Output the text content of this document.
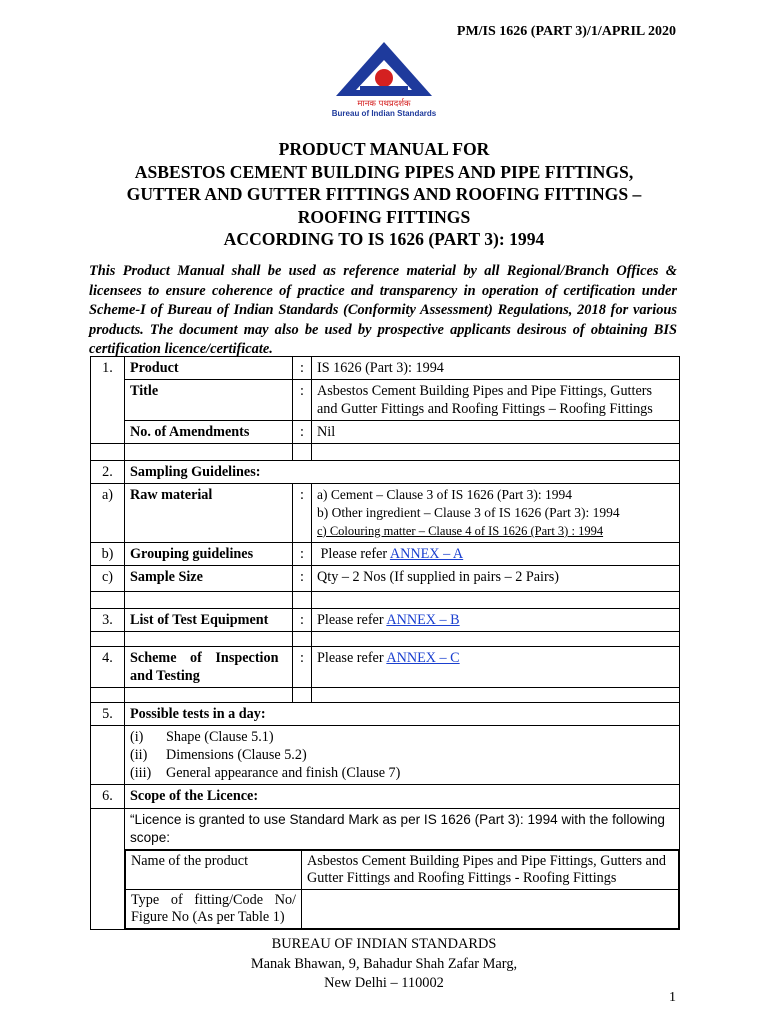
PM/IS 1626 (PART 3)/1/APRIL 2020
मानक पथप्रदर्शक
Bureau of Indian Standards
PRODUCT MANUAL FOR
ASBESTOS CEMENT BUILDING PIPES AND PIPE FITTINGS,
GUTTER AND GUTTER FITTINGS AND ROOFING FITTINGS –
ROOFING FITTINGS
ACCORDING TO IS 1626 (PART 3): 1994

This Product Manual shall be used as reference material by all Regional/Branch Offices & licensees to ensure coherence of practice and transparency in operation of certification under Scheme-I of Bureau of Indian Standards (Conformity Assessment) Regulations, 2018 for various products. The document may also be used by prospective applicants desirous of obtaining BIS certification licence/certificate.

1.	Product	:	IS 1626 (Part 3): 1994
Title	:	Asbestos Cement Building Pipes and Pipe Fittings, Gutters and Gutter Fittings and Roofing Fittings – Roofing Fittings
No. of Amendments	:	Nil

2.	Sampling Guidelines:
a)	Raw material	:	a) Cement – Clause 3 of IS 1626 (Part 3): 1994
b) Other ingredient – Clause 3 of IS 1626 (Part 3): 1994
c) Colouring matter – Clause 4 of IS 1626 (Part 3) : 1994

b)	Grouping guidelines	:	Please refer ANNEX – A
c)	Sample Size	:	Qty – 2 Nos (If supplied in pairs – 2 Pairs)

3.	List of Test Equipment	:	Please refer ANNEX – B

4.	Scheme of Inspection
and Testing
	:	Please refer ANNEX – C

5.	Possible tests in a day:

(i)	Shape (Clause 5.1)
(ii)	Dimensions (Clause 5.2)
(iii)	General appearance and finish (Clause 7)

6.	Scope of the Licence:
	“Licence is granted to use Standard Mark as per IS 1626 (Part 3): 1994 with the following scope:

Name of the product	Asbestos Cement Building Pipes and Pipe Fittings, Gutters and Gutter Fittings and Roofing Fittings - Roofing Fittings
Type of fitting/Code No/ Figure No (As per Table 1)	
BUREAU OF INDIAN STANDARDS
Manak Bhawan, 9, Bahadur Shah Zafar Marg,
New Delhi – 110002
1
